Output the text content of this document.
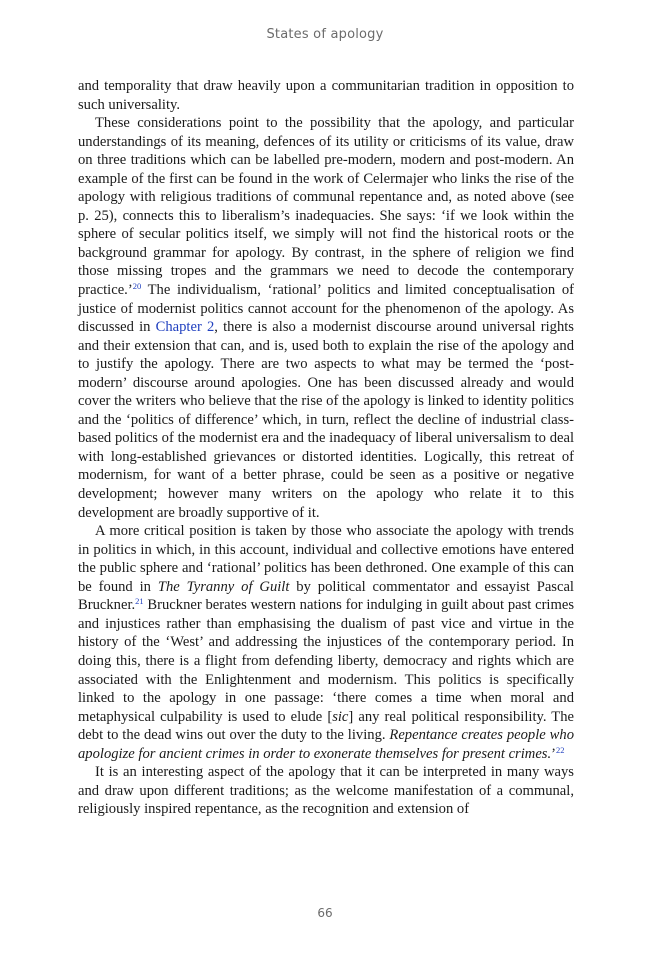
States of apology

and temporality that draw heavily upon a communitarian tradition in opposition to such universality.

These considerations point to the possibility that the apology, and particular understandings of its meaning, defences of its utility or criticisms of its value, draw on three traditions which can be labelled pre-modern, modern and post-modern. An example of the first can be found in the work of Celermajer who links the rise of the apology with religious traditions of communal repentance and, as noted above (see p. 25), connects this to liberalism’s inadequacies. She says: ‘if we look within the sphere of secular politics itself, we simply will not find the historical roots or the background grammar for apology. By contrast, in the sphere of religion we find those missing tropes and the grammars we need to decode the contemporary practice.’$^{20}$ The individualism, ‘rational’ politics and limited conceptualisation of justice of modernist politics cannot account for the phenomenon of the apology. As discussed in Chapter 2, there is also a modernist discourse around universal rights and their extension that can, and is, used both to explain the rise of the apology and to justify the apology. There are two aspects to what may be termed the ‘post-modern’ discourse around apologies. One has been discussed already and would cover the writers who believe that the rise of the apology is linked to identity politics and the ‘politics of difference’ which, in turn, reflect the decline of industrial class-based politics of the modernist era and the inadequacy of liberal universalism to deal with long-established grievances or distorted identities. Logically, this retreat of modernism, for want of a better phrase, could be seen as a positive or negative development; however many writers on the apology who relate it to this development are broadly supportive of it.

A more critical position is taken by those who associate the apology with trends in politics in which, in this account, individual and collective emotions have entered the public sphere and ‘rational’ politics has been dethroned. One example of this can be found in The Tyranny of Guilt by political commentator and essayist Pascal Bruckner.$^{21}$ Bruckner berates western nations for indulging in guilt about past crimes and injustices rather than emphasising the dualism of past vice and virtue in the history of the ‘West’ and addressing the injustices of the contemporary period. In doing this, there is a flight from defending liberty, democracy and rights which are associated with the Enlightenment and modernism. This politics is specifically linked to the apology in one passage: ‘there comes a time when moral and metaphysical culpability is used to elude [sic] any real political responsibility. The debt to the dead wins out over the duty to the living. Repentance creates people who apologize for ancient crimes in order to exonerate themselves for present crimes.’$^{22}$

It is an interesting aspect of the apology that it can be interpreted in many ways and draw upon different traditions; as the welcome manifestation of a communal, religiously inspired repentance, as the recognition and extension of

66
